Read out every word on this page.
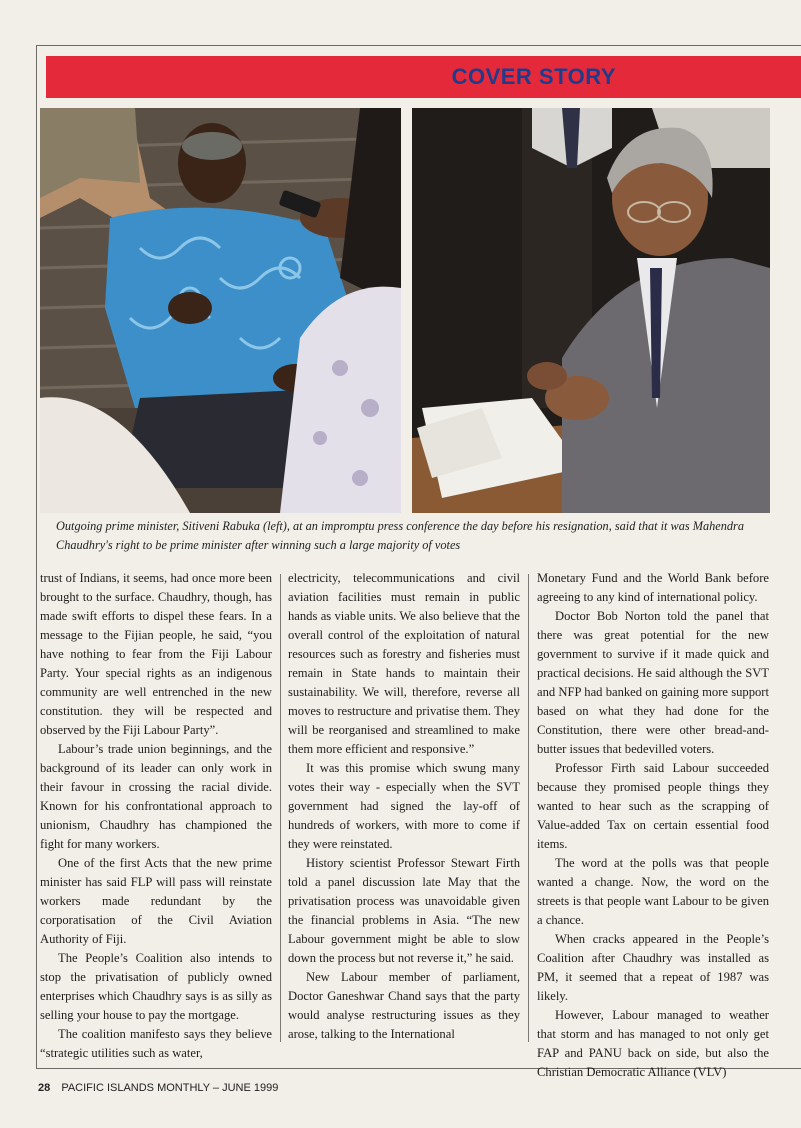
COVER STORY
Outgoing prime minister, Sitiveni Rabuka (left), at an impromptu press conference the day before his resignation, said that it was Mahendra Chaudhry's right to be prime minister after winning such a large majority of votes

trust of Indians, it seems, had once more been brought to the surface. Chaudhry, though, has made swift efforts to dispel these fears. In a message to the Fijian people, he said, “you have nothing to fear from the Fiji Labour Party. Your special rights as an indigenous community are well entrenched in the new constitution. they will be respected and observed by the Fiji Labour Party”.

Labour’s trade union beginnings, and the background of its leader can only work in their favour in crossing the racial divide. Known for his confrontational approach to unionism, Chaudhry has championed the fight for many workers.

One of the first Acts that the new prime minister has said FLP will pass will reinstate workers made redundant by the corporatisation of the Civil Aviation Authority of Fiji.

The People’s Coalition also intends to stop the privatisation of publicly owned enterprises which Chaudhry says is as silly as selling your house to pay the mortgage.

The coalition manifesto says they believe “strategic utilities such as water,

electricity, telecommunications and civil aviation facilities must remain in public hands as viable units. We also believe that the overall control of the exploitation of natural resources such as forestry and fisheries must remain in State hands to maintain their sustainability. We will, therefore, reverse all moves to restructure and privatise them. They will be reorganised and streamlined to make them more efficient and responsive.”

It was this promise which swung many votes their way - especially when the SVT government had signed the lay-off of hundreds of workers, with more to come if they were reinstated.

History scientist Professor Stewart Firth told a panel discussion late May that the privatisation process was unavoidable given the financial problems in Asia. “The new Labour government might be able to slow down the process but not reverse it,” he said.

New Labour member of parliament, Doctor Ganeshwar Chand says that the party would analyse restructuring issues as they arose, talking to the International

Monetary Fund and the World Bank before agreeing to any kind of international policy.

Doctor Bob Norton told the panel that there was great potential for the new government to survive if it made quick and practical decisions. He said although the SVT and NFP had banked on gaining more support based on what they had done for the Constitution, there were other bread-and-butter issues that bedevilled voters.

Professor Firth said Labour succeeded because they promised people things they wanted to hear such as the scrapping of Value-added Tax on certain essential food items.

The word at the polls was that people wanted a change. Now, the word on the streets is that people want Labour to be given a chance.

When cracks appeared in the People’s Coalition after Chaudhry was installed as PM, it seemed that a repeat of 1987 was likely.

However, Labour managed to weather that storm and has managed to not only get FAP and PANU back on side, but also the Christian Democratic Alliance (VLV)

28 PACIFIC ISLANDS MONTHLY – JUNE 1999
